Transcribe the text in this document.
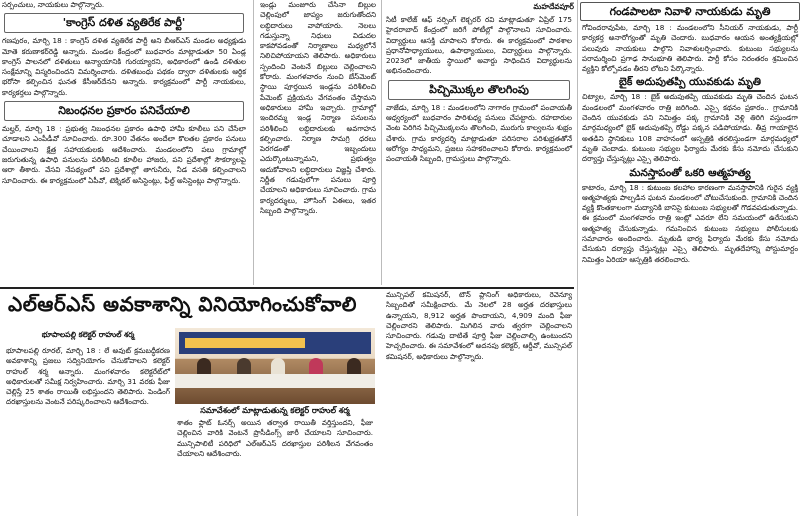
సర్పంచులు, నాయకులు పాల్గొన్నారు.

'కాంగ్రెస్ దళిత వ్యతిరేక పార్టీ'

గణపురం, మార్చి 18 : కాంగ్రెస్ దళిత వ్యతిరేక పార్టీ అని బీఆర్ఎస్ మండల అధ్యక్షుడు మోతె కరుణాకర్‌రెడ్డి అన్నారు. మండల కేంద్రంలో బుధవారం మాట్లాడుతూ 50 ఏండ్ల కాంగ్రెస్ పాలనలో దళితులు అన్యాయానికి గురయ్యారని, అధికారంలో ఉండి దళితుల సంక్షేమాన్ని విస్మరించిందని విమర్శించారు. దళితబంధు పథకం ద్వారా దళితులకు ఆర్థిక భరోసా కల్పించిన ఘనత కేసీఆర్‌దేనని అన్నారు. కార్యక్రమంలో పార్టీ నాయకులు, కార్యకర్తలు పాల్గొన్నారు.

నిబంధనల ప్రకారం పనిచేయాలి

మల్హర్, మార్చి 18 : ప్రభుత్వ నిబంధనల ప్రకారం ఉపాధి హామీ కూలీలు పని చేసేలా చూడాలని ఎంపీడీవో సూచించారు. రూ.300 వేతనం అందేలా కొలతల ప్రకారం పనులు చేయించాలని క్షేత్ర సహాయకులకు ఆదేశించారు. మండలంలోని పలు గ్రామాల్లో జరుగుతున్న ఉపాధి పనులను పరిశీలించి కూలీల హాజరు, పని ప్రదేశాల్లో సౌకర్యాలపై ఆరా తీశారు. వేసవి నేపథ్యంలో పని ప్రదేశాల్లో తాగునీరు, నీడ వసతి కల్పించాలని సూచించారు. ఈ కార్యక్రమంలో ఏపీవో, టెక్నికల్ అసిస్టెంట్లు, ఫీల్డ్ అసిస్టెంట్లు పాల్గొన్నారు.

ఇండ్లు మంజూరు చేసినా బిల్లుల చెల్లింపులో జాప్యం జరుగుతోందని లబ్ధిదారులు వాపోయారు. నెలలు గడుస్తున్నా నిధులు విడుదల కాకపోవడంతో నిర్మాణాలు మధ్యలోనే నిలిచిపోయాయని తెలిపారు. అధికారులు స్పందించి వెంటనే బిల్లులు చెల్లించాలని కోరారు. మంగళవారం నుంచి బేస్‌మెంట్ స్థాయి పూర్తయిన ఇండ్లను పరిశీలించి పేమెంట్ ప్రక్రియను వేగవంతం చేస్తామని అధికారులు హామీ ఇచ్చారు. గ్రామాల్లో ఇందిరమ్మ ఇండ్ల నిర్మాణ పనులను పరిశీలించి లబ్ధిదారులకు అవగాహన కల్పించారు. నిర్మాణ సామగ్రి ధరలు పెరగడంతో ఇబ్బందులు ఎదుర్కొంటున్నామని, ప్రభుత్వం ఆదుకోవాలని లబ్ధిదారులు విజ్ఞప్తి చేశారు. నిర్ణీత గడువులోగా పనులు పూర్తి చేయాలని అధికారులు సూచించారు. గ్రామ కార్యదర్శులు, హౌసింగ్ ఏఈలు, ఇతర సిబ్బంది పాల్గొన్నారు.

మహదేవపూర్

సిటీ కాలేజ్ ఆఫ్ నర్సింగ్ లెక్చరర్ రవి మాట్లాడుతూ ఏప్రిల్ 175 హైదరాబాద్ కేంద్రంలో జరిగే పోటీల్లో పాల్గొనాలని సూచించారు. విద్యార్థులు ఆసక్తి చూపాలని కోరారు. ఈ కార్యక్రమంలో పాఠశాల ప్రధానోపాధ్యాయులు, ఉపాధ్యాయులు, విద్యార్థులు పాల్గొన్నారు. 2023లో జాతీయ స్థాయిలో అవార్డు సాధించిన విద్యార్థులను అభినందించారు.

పిచ్చిమొక్కల తొలగింపు

వాజేడు, మార్చి 18 : మండలంలోని నాగారం గ్రామంలో పంచాయతీ ఆధ్వర్యంలో బుధవారం పారిశుధ్య పనులు చేపట్టారు. రహదారుల వెంట పెరిగిన పిచ్చిమొక్కలను తొలగించి, మురుగు కాల్వలను శుభ్రం చేశారు. గ్రామ కార్యదర్శి మాట్లాడుతూ పరిసరాల పరిశుభ్రతతోనే ఆరోగ్యం సాధ్యమని, ప్రజలు సహకరించాలని కోరారు. కార్యక్రమంలో పంచాయతీ సిబ్బంది, గ్రామస్తులు పాల్గొన్నారు.

గండపాలటా నివాళి నాయకుడు మృతి

గోవిందరావుపేట, మార్చి 18 : మండలంలోని సీనియర్ నాయకుడు, పార్టీ కార్యకర్త అనారోగ్యంతో మృతి చెందారు. బుధవారం ఆయన అంత్యక్రియల్లో పలువురు నాయకులు పాల్గొని నివాళులర్పించారు. కుటుంబ సభ్యులను పరామర్శించి ప్రగాఢ సానుభూతి తెలిపారు. పార్టీ కోసం నిరంతరం శ్రమించిన వ్యక్తిని కోల్పోవడం తీరని లోటని పేర్కొన్నారు.

బైక్ అదుపుతప్పి యువకుడు మృతి

చిట్యాల, మార్చి 18 : బైక్ అదుపుతప్పి యువకుడు మృతి చెందిన ఘటన మండలంలో మంగళవారం రాత్రి జరిగింది. ఎస్సై కథనం ప్రకారం.. గ్రామానికి చెందిన యువకుడు పని నిమిత్తం పక్క గ్రామానికి వెళ్లి తిరిగి వస్తుండగా మార్గమధ్యంలో బైక్ అదుపుతప్పి రోడ్డు పక్కన పడిపోయాడు. తీవ్ర గాయాలైన అతడిని స్థానికులు 108 వాహనంలో ఆస్పత్రికి తరలిస్తుండగా మార్గమధ్యలో మృతి చెందాడు. కుటుంబ సభ్యుల ఫిర్యాదు మేరకు కేసు నమోదు చేసుకుని దర్యాప్తు చేస్తున్నట్లు ఎస్సై తెలిపారు.

మనస్తాపంతో ఒకరి ఆత్మహత్య

కాటారం, మార్చి 18 : కుటుంబ కలహాల కారణంగా మనస్తాపానికి గురైన వ్యక్తి ఆత్మహత్యకు పాల్పడిన ఘటన మండలంలో చోటుచేసుకుంది. గ్రామానికి చెందిన వ్యక్తి కొంతకాలంగా మద్యానికి బానిసై కుటుంబ సభ్యులతో గొడవపడుతున్నాడు. ఈ క్రమంలో మంగళవారం రాత్రి ఇంట్లో ఎవరూ లేని సమయంలో ఉరేసుకుని ఆత్మహత్య చేసుకున్నాడు. గమనించిన కుటుంబ సభ్యులు పోలీసులకు సమాచారం అందించారు. మృతుడి భార్య ఫిర్యాదు మేరకు కేసు నమోదు చేసుకుని దర్యాప్తు చేస్తున్నట్లు ఎస్సై తెలిపారు. మృతదేహాన్ని పోస్టుమార్టం నిమిత్తం ఏరియా ఆస్పత్రికి తరలించారు.

ఎల్ఆర్ఎస్ అవకాశాన్ని వినియోగించుకోవాలి
భూపాలపల్లి కలెక్టర్ రాహుల్ శర్మ

భూపాలపల్లి రూరల్, మార్చి 18 : లే అవుట్ క్రమబద్ధీకరణ అవకాశాన్ని ప్రజలు సద్వినియోగం చేసుకోవాలని కలెక్టర్ రాహుల్ శర్మ అన్నారు. మంగళవారం కలెక్టరేట్‌లో అధికారులతో సమీక్ష నిర్వహించారు. మార్చి 31 వరకు ఫీజు చెల్లిస్తే 25 శాతం రాయితీ లభిస్తుందని తెలిపారు. పెండింగ్ దరఖాస్తులను వెంటనే పరిష్కరించాలని ఆదేశించారు.

సమావేశంలో మాట్లాడుతున్న కలెక్టర్ రాహుల్ శర్మ

శాతం ఫ్లాట్ ఓనర్స్ అయిన తర్వాత రాయితీ వర్తిస్తుందని, ఫీజు చెల్లించిన వారికి వెంటనే ప్రొసీడింగ్స్ జారీ చేయాలని సూచించారు. మున్సిపాలిటీ పరిధిలో ఎల్ఆర్ఎస్ దరఖాస్తుల పరిశీలన వేగవంతం చేయాలని ఆదేశించారు.

మున్సిపల్ కమిషనర్, టౌన్ ప్లానింగ్ అధికారులు, రెవెన్యూ సిబ్బందితో సమీక్షించారు. మే నెలలో 28 అర్హత దరఖాస్తులు ఉన్నాయని, 8,912 అర్హత పొందాయని, 4,909 మంది ఫీజు చెల్లించారని తెలిపారు. మిగిలిన వారు త్వరగా చెల్లించాలని సూచించారు. గడువు దాటితే పూర్తి ఫీజు చెల్లించాల్సి ఉంటుందని హెచ్చరించారు. ఈ సమావేశంలో అదనపు కలెక్టర్, ఆర్డీవో, మున్సిపల్ కమిషనర్, అధికారులు పాల్గొన్నారు.
